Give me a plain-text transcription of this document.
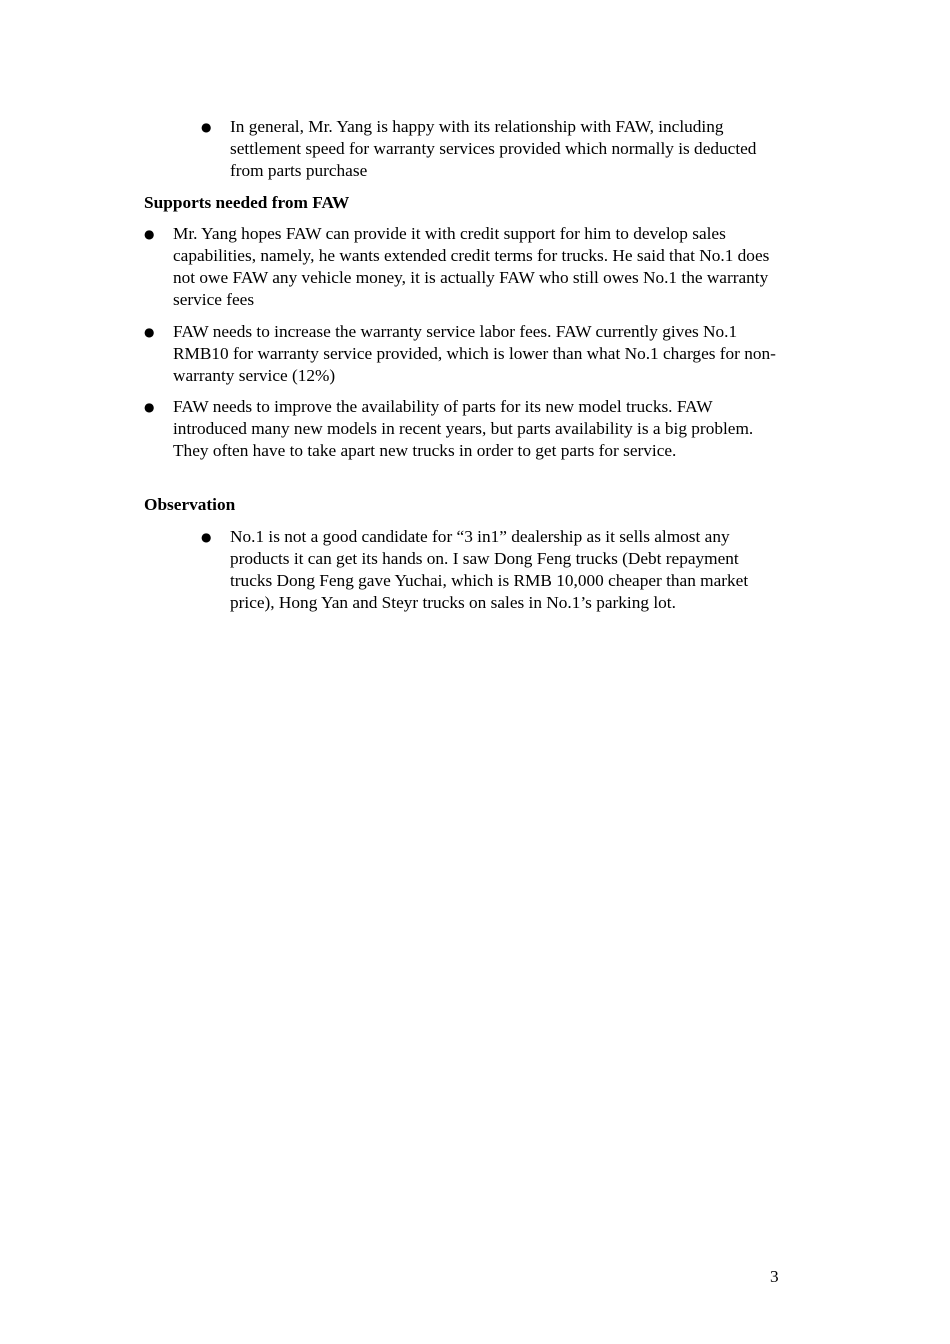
● In general, Mr. Yang is happy with its relationship with FAW, including settlement speed for warranty services provided which normally is deducted from parts purchase

Supports needed from FAW

● Mr. Yang hopes FAW can provide it with credit support for him to develop sales capabilities, namely, he wants extended credit terms for trucks. He said that No.1 does not owe FAW any vehicle money, it is actually FAW who still owes No.1 the warranty service fees
● FAW needs to increase the warranty service labor fees. FAW currently gives No.1 RMB10 for warranty service provided, which is lower than what No.1 charges for non-warranty service (12%)
● FAW needs to improve the availability of parts for its new model trucks. FAW introduced many new models in recent years, but parts availability is a big problem. They often have to take apart new trucks in order to get parts for service.

Observation

● No.1 is not a good candidate for “3 in1” dealership as it sells almost any products it can get its hands on. I saw Dong Feng trucks (Debt repayment trucks Dong Feng gave Yuchai, which is RMB 10,000 cheaper than market price), Hong Yan and Steyr trucks on sales in No.1’s parking lot.

3
